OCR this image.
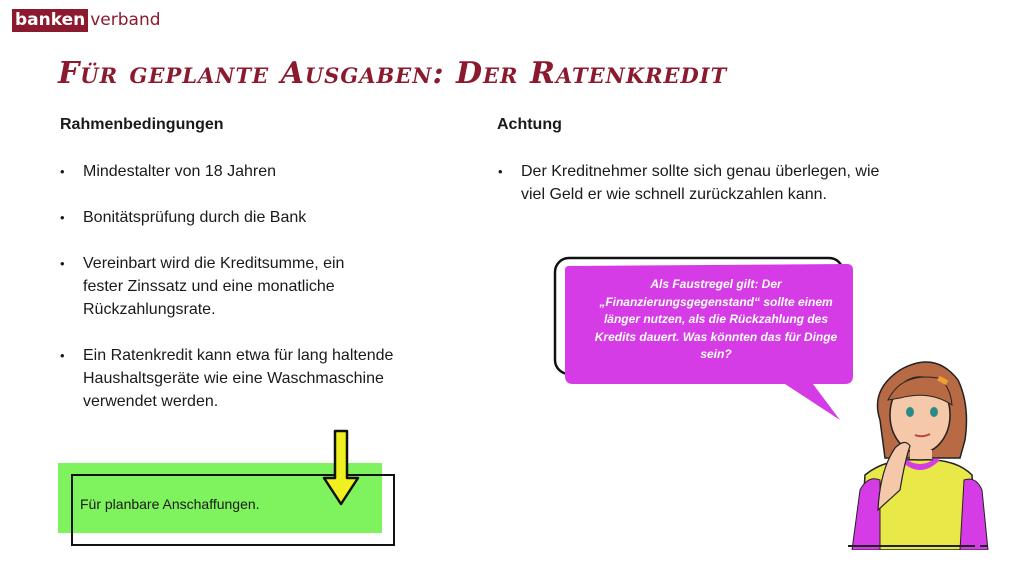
banken verband
Für geplante Ausgaben: Der Ratenkredit
Rahmenbedingungen
• Mindestalter von 18 Jahren
• Bonitätsprüfung durch die Bank
• Vereinbart wird die Kreditsumme, ein fester Zinssatz und eine monatliche Rückzahlungsrate.
• Ein Ratenkredit kann etwa für lang haltende Haushaltsgeräte wie eine Waschmaschine verwendet werden.
Achtung
• Der Kreditnehmer sollte sich genau überlegen, wie viel Geld er wie schnell zurückzahlen kann.

Für planbare Anschaffungen.

Als Faustregel gilt: Der „Finanzierungsgegenstand“ sollte einem länger nutzen, als die Rückzahlung des Kredits dauert. Was könnten das für Dinge sein?
